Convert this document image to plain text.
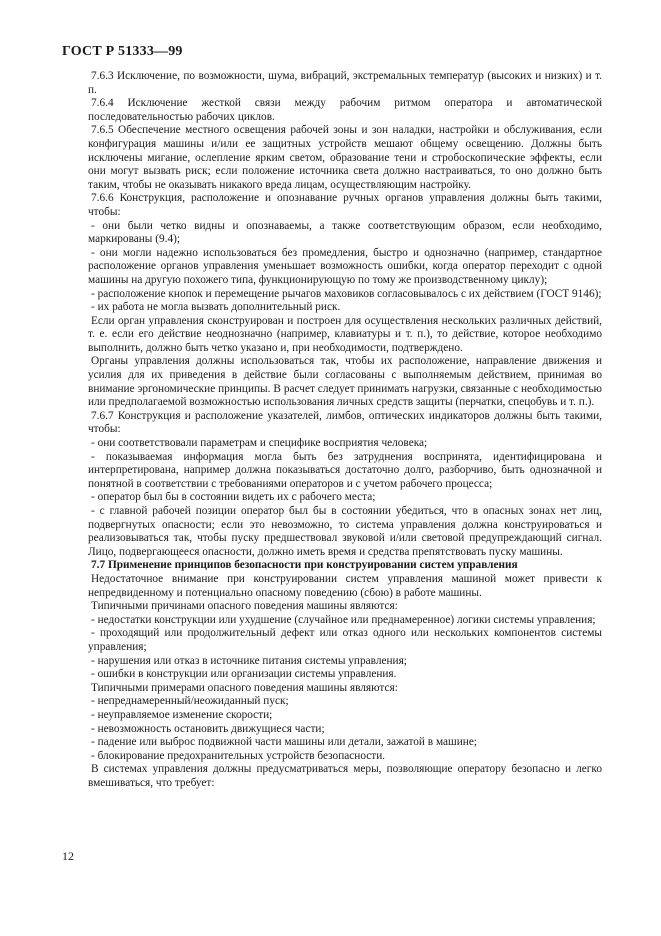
ГОСТ Р 51333—99

7.6.3 Исключение, по возможности, шума, вибраций, экстремальных температур (высоких и низких) и т. п.

7.6.4 Исключение жесткой связи между рабочим ритмом оператора и автоматической последовательностью рабочих циклов.

7.6.5 Обеспечение местного освещения рабочей зоны и зон наладки, настройки и обслуживания, если конфигурация машины и/или ее защитных устройств мешают общему освещению. Должны быть исключены мигание, ослепление ярким светом, образование тени и стробоскопические эффекты, если они могут вызвать риск; если положение источника света должно настраиваться, то оно должно быть таким, чтобы не оказывать никакого вреда лицам, осуществляющим настройку.

7.6.6 Конструкция, расположение и опознавание ручных органов управления должны быть такими, чтобы:

- они были четко видны и опознаваемы, а также соответствующим образом, если необходимо, маркированы (9.4);

- они могли надежно использоваться без промедления, быстро и однозначно (например, стандартное расположение органов управления уменьшает возможность ошибки, когда оператор переходит с одной машины на другую похожего типа, функционирующую по тому же производственному циклу);

- расположение кнопок и перемещение рычагов маховиков согласовывалось с их действием (ГОСТ 9146);

- их работа не могла вызвать дополнительный риск.

Если орган управления сконструирован и построен для осуществления нескольких различных действий, т. е. если его действие неоднозначно (например, клавиатуры и т. п.), то действие, которое необходимо выполнить, должно быть четко указано и, при необходимости, подтверждено.

Органы управления должны использоваться так, чтобы их расположение, направление движения и усилия для их приведения в действие были согласованы с выполняемым действием, принимая во внимание эргономические принципы. В расчет следует принимать нагрузки, связанные с необходимостью или предполагаемой возможностью использования личных средств защиты (перчатки, спецобувь и т. п.).

7.6.7 Конструкция и расположение указателей, лимбов, оптических индикаторов должны быть такими, чтобы:

- они соответствовали параметрам и специфике восприятия человека;

- показываемая информация могла быть без затруднения воспринята, идентифицирована и интерпретирована, например должна показываться достаточно долго, разборчиво, быть однозначной и понятной в соответствии с требованиями операторов и с учетом рабочего процесса;

- оператор был бы в состоянии видеть их с рабочего места;

- с главной рабочей позиции оператор был бы в состоянии убедиться, что в опасных зонах нет лиц, подвергнутых опасности; если это невозможно, то система управления должна конструироваться и реализовываться так, чтобы пуску предшествовал звуковой и/или световой предупреждающий сигнал. Лицо, подвергающееся опасности, должно иметь время и средства препятствовать пуску машины.

7.7 Применение принципов безопасности при конструировании систем управления

Недостаточное внимание при конструировании систем управления машиной может привести к непредвиденному и потенциально опасному поведению (сбою) в работе машины.

Типичными причинами опасного поведения машины являются:

- недостатки конструкции или ухудшение (случайное или преднамеренное) логики системы управления;

- проходящий или продолжительный дефект или отказ одного или нескольких компонентов системы управления;

- нарушения или отказ в источнике питания системы управления;

- ошибки в конструкции или организации системы управления.

Типичными примерами опасного поведения машины являются:

- непреднамеренный/неожиданный пуск;

- неуправляемое изменение скорости;

- невозможность остановить движущиеся части;

- падение или выброс подвижной части машины или детали, зажатой в машине;

- блокирование предохранительных устройств безопасности.

В системах управления должны предусматриваться меры, позволяющие оператору безопасно и легко вмешиваться, что требует:

12
